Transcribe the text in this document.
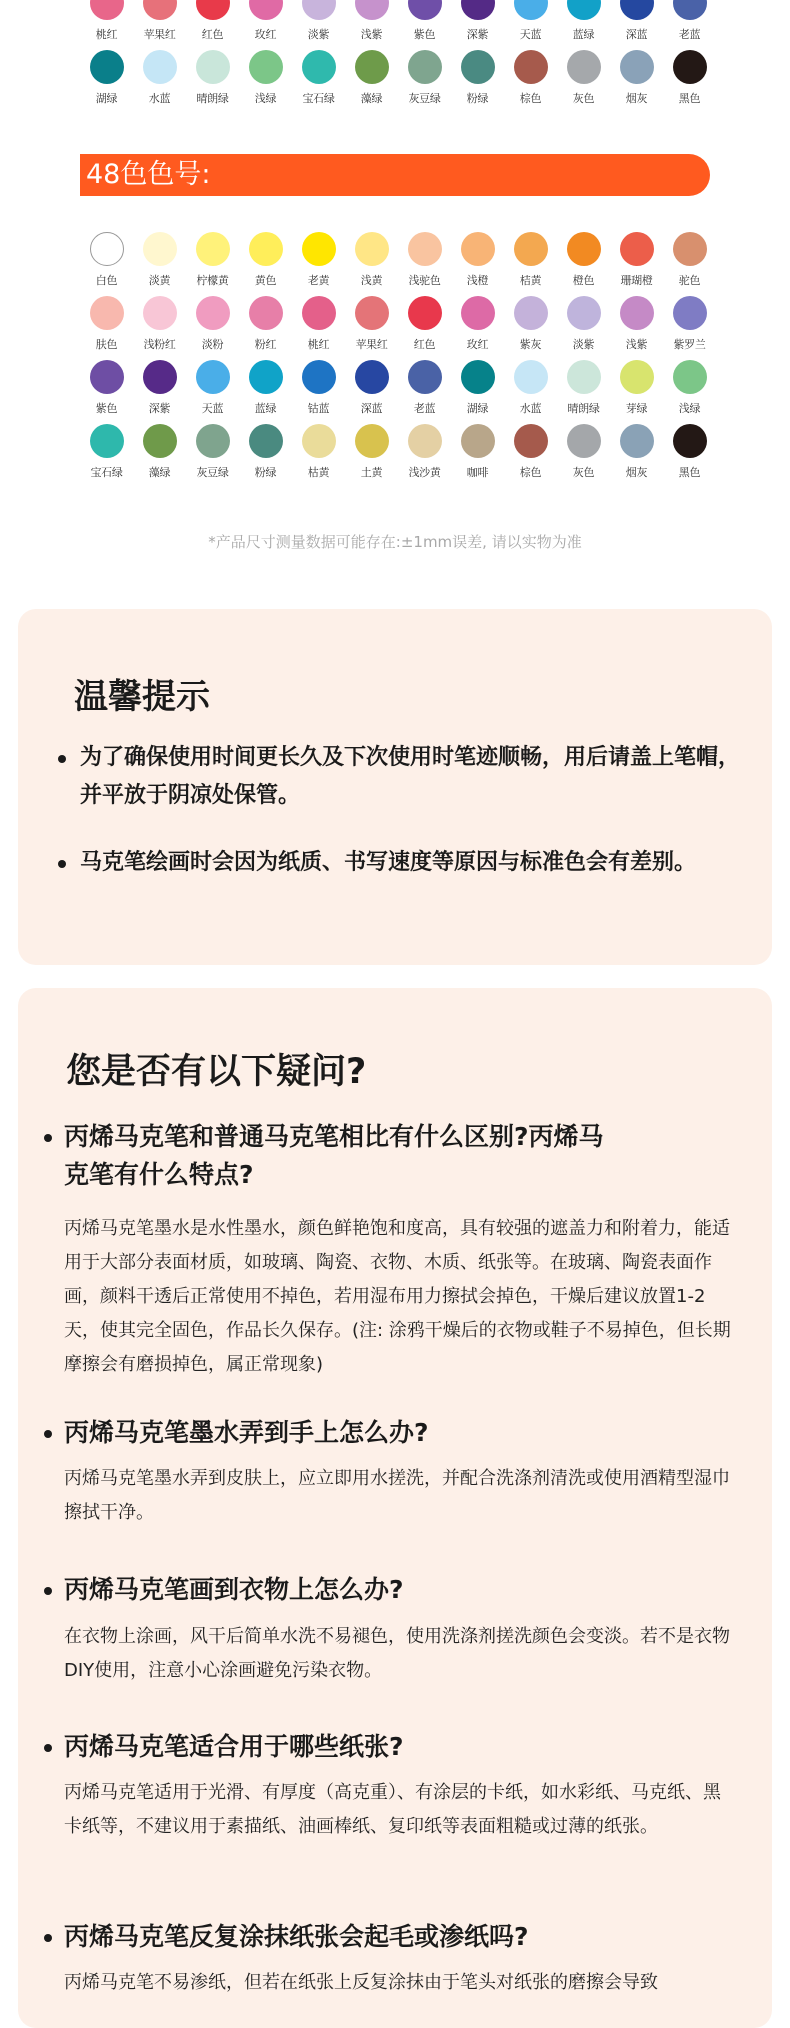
桃红 苹果红 红色	玫红	淡紫	浅紫	紫色	深紫	天蓝	蓝绿	深蓝	老蓝
湖绿	水蓝 晴朗绿 浅绿 宝石绿 藻绿 灰豆绿 粉绿	棕色	灰色	烟灰	黑色
48色色号:
白色	淡黄 柠檬黄 黄色	老黄	浅黄 浅驼色 浅橙	桔黄	橙色 珊瑚橙 驼色
肤色 浅粉红 淡粉	粉红	桃红 苹果红 红色	玫红	紫灰	淡紫	浅紫 紫罗兰
紫色	深紫	天蓝	蓝绿	钴蓝	深蓝	老蓝	湖绿	水蓝 晴朗绿 芽绿	浅绿
宝石绿 藻绿 灰豆绿 粉绿	枯黄	土黄 浅沙黄 咖啡	棕色	灰色	烟灰	黑色
*产品尺寸测量数据可能存在:±1mm误差, 请以实物为准
温馨提示
为了确保使用时间更长久及下次使用时笔迹顺畅，用后请盖上笔帽，并平放于阴凉处保管。
马克笔绘画时会因为纸质、书写速度等原因与标准色会有差别。
您是否有以下疑问?
丙烯马克笔和普通马克笔相比有什么区别?丙烯马克笔有什么特点?
丙烯马克笔墨水是水性墨水，颜色鲜艳饱和度高，具有较强的遮盖力和附着力，能适用于大部分表面材质，如玻璃、陶瓷、衣物、木质、纸张等。在玻璃、陶瓷表面作画，颜料干透后正常使用不掉色，若用湿布用力擦拭会掉色，干燥后建议放置1-2天，使其完全固色，作品长久保存。(注: 涂鸦干燥后的衣物或鞋子不易掉色，但长期摩擦会有磨损掉色，属正常现象)
丙烯马克笔墨水弄到手上怎么办?
丙烯马克笔墨水弄到皮肤上，应立即用水搓洗，并配合洗涤剂清洗或使用酒精型湿巾擦拭干净。
丙烯马克笔画到衣物上怎么办?
在衣物上涂画，风干后简单水洗不易褪色，使用洗涤剂搓洗颜色会变淡。若不是衣物DIY使用，注意小心涂画避免污染衣物。
丙烯马克笔适合用于哪些纸张?
丙烯马克笔适用于光滑、有厚度（高克重）、有涂层的卡纸，如水彩纸、马克纸、黑卡纸等，不建议用于素描纸、油画棒纸、复印纸等表面粗糙或过薄的纸张。
丙烯马克笔反复涂抹纸张会起毛或渗纸吗?
丙烯马克笔不易渗纸，但若在纸张上反复涂抹由于笔头对纸张的磨擦会导致
